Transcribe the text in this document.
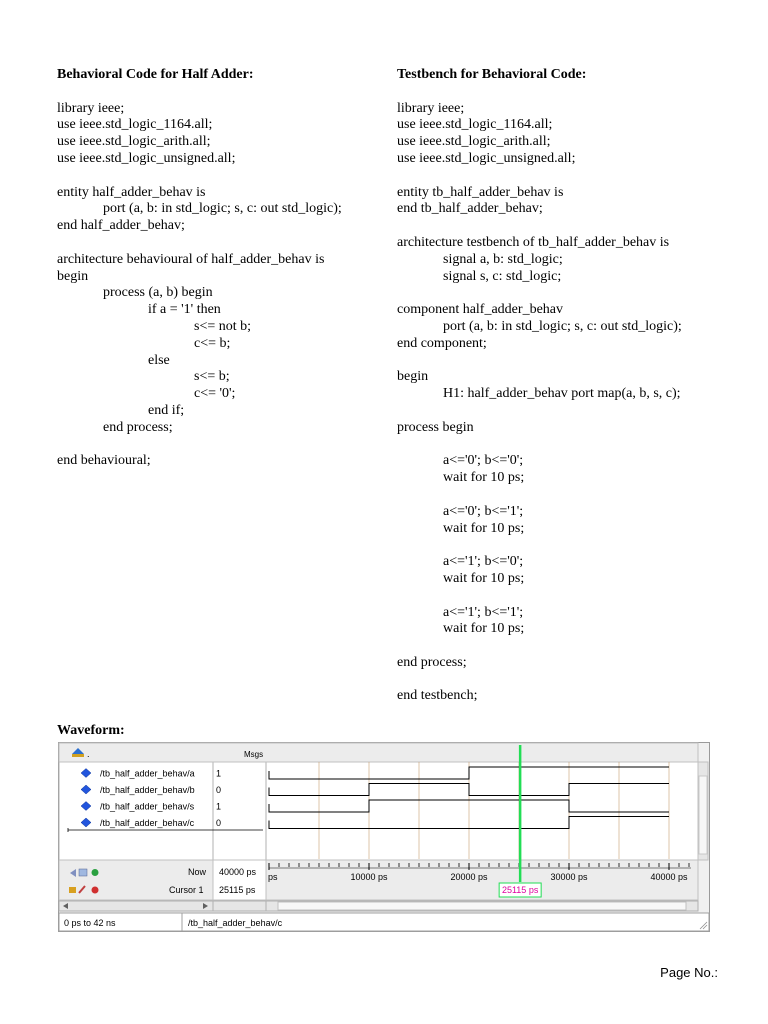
Behavioral Code for Half Adder:
library ieee;
use ieee.std_logic_1164.all;
use ieee.std_logic_arith.all;
use ieee.std_logic_unsigned.all;
entity half_adder_behav is
port (a, b: in std_logic; s, c: out std_logic);
end half_adder_behav;
architecture behavioural of half_adder_behav is
begin
process (a, b) begin
if a = '1' then
s<= not b;
c<= b;
else
s<= b;
c<= '0';
end if;
end process;
end behavioural;
Testbench for Behavioral Code:
library ieee;
use ieee.std_logic_1164.all;
use ieee.std_logic_arith.all;
use ieee.std_logic_unsigned.all;
entity tb_half_adder_behav is
end tb_half_adder_behav;
architecture testbench of tb_half_adder_behav is
signal a, b: std_logic;
signal s, c: std_logic;
component half_adder_behav
port (a, b: in std_logic; s, c: out std_logic);
end component;
begin
H1: half_adder_behav port map(a, b, s, c);
process begin
a<='0'; b<='0';
wait for 10 ps;
a<='0'; b<='1';
wait for 10 ps;
a<='1'; b<='0';
wait for 10 ps;
a<='1'; b<='1';
wait for 10 ps;
end process;
end testbench;
Waveform:
Msgs
.
/tb_half_adder_behav/a 1
/tb_half_adder_behav/b 0
/tb_half_adder_behav/s 1
/tb_half_adder_behav/c 0
Now 40000 ps
Cursor 1 25115 ps
ps	10000 ps	20000 ps	30000 ps	40000 ps
25115 ps
0 ps to 42 ns	/tb_half_adder_behav/c
Page No.:
